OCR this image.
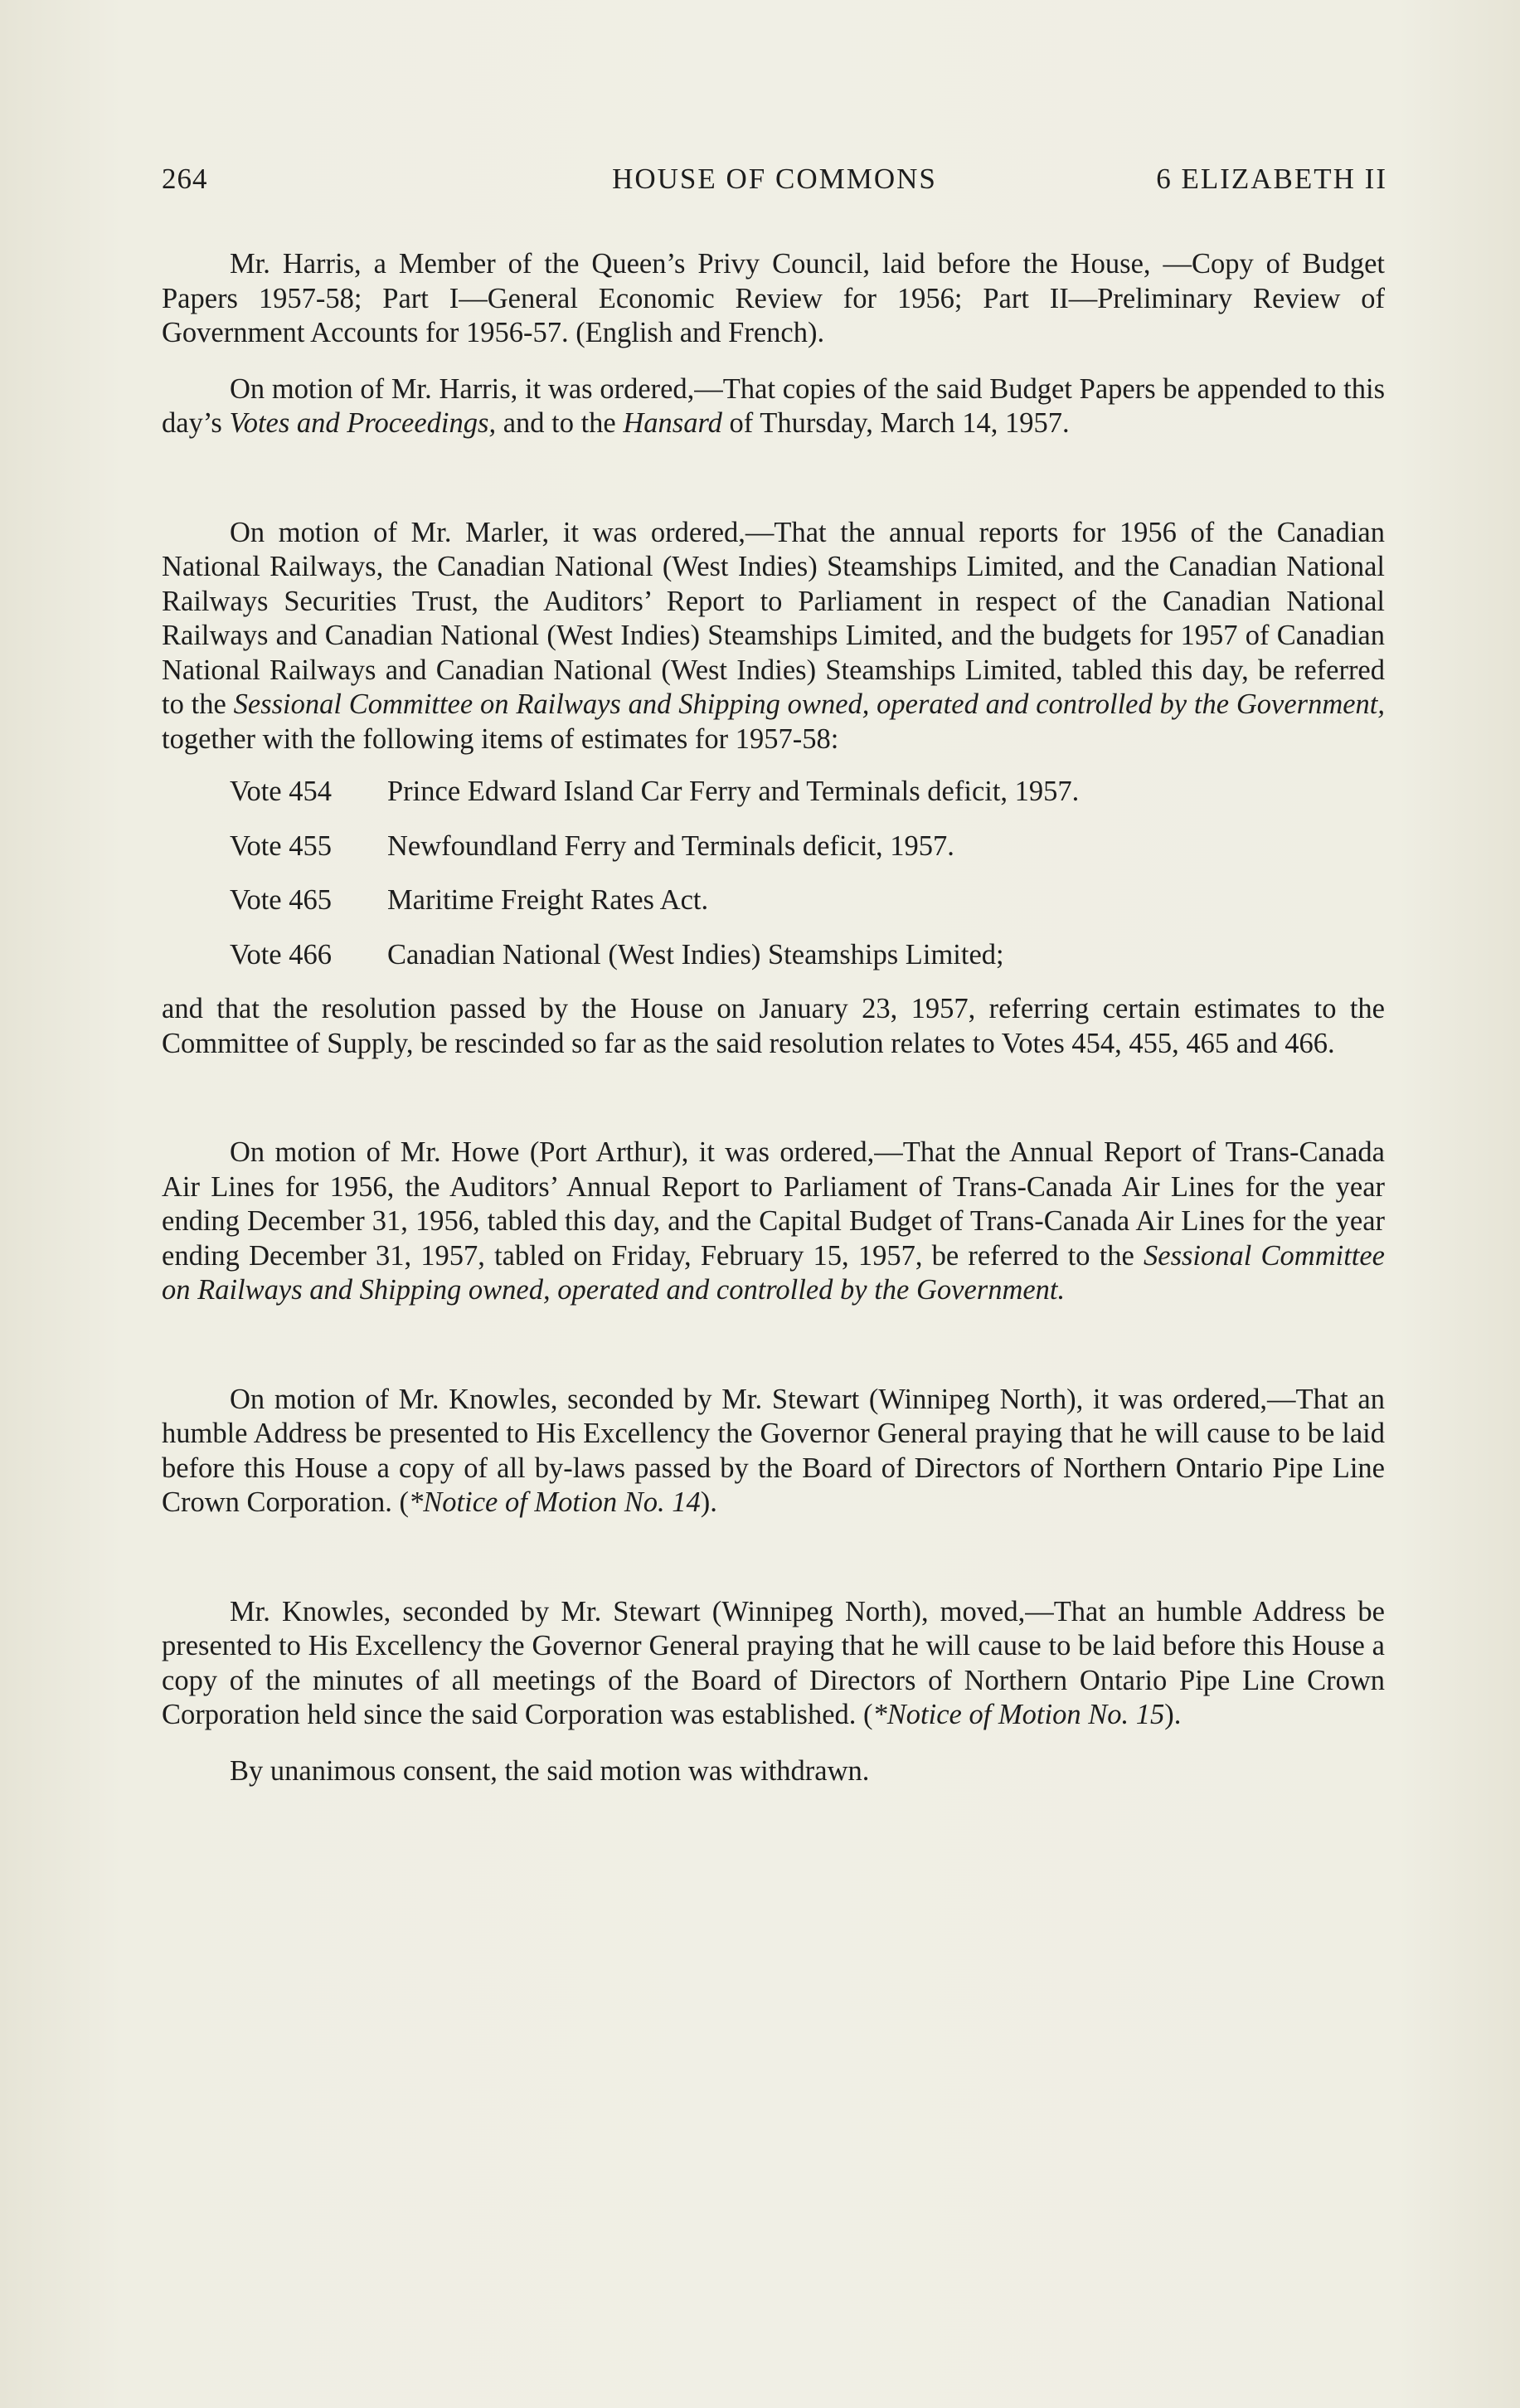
264	HOUSE OF COMMONS	6 ELIZABETH II

Mr. Harris, a Member of the Queen’s Privy Council, laid before the House, —Copy of Budget Papers 1957-58; Part I—General Economic Review for 1956; Part II—Preliminary Review of Government Accounts for 1956-57. (English and French).

On motion of Mr. Harris, it was ordered,—That copies of the said Budget Papers be appended to this day’s Votes and Proceedings, and to the Hansard of Thursday, March 14, 1957.

On motion of Mr. Marler, it was ordered,—That the annual reports for 1956 of the Canadian National Railways, the Canadian National (West Indies) Steamships Limited, and the Canadian National Railways Securities Trust, the Auditors’ Report to Parliament in respect of the Canadian National Railways and Canadian National (West Indies) Steamships Limited, and the budgets for 1957 of Canadian National Railways and Canadian National (West Indies) Steamships Limited, tabled this day, be referred to the Sessional Committee on Railways and Shipping owned, operated and controlled by the Government, together with the following items of estimates for 1957-58:

Vote 454 Prince Edward Island Car Ferry and Terminals deficit, 1957.

Vote 455 Newfoundland Ferry and Terminals deficit, 1957.

Vote 465 Maritime Freight Rates Act.

Vote 466 Canadian National (West Indies) Steamships Limited;

and that the resolution passed by the House on January 23, 1957, referring certain estimates to the Committee of Supply, be rescinded so far as the said resolution relates to Votes 454, 455, 465 and 466.

On motion of Mr. Howe (Port Arthur), it was ordered,—That the Annual Report of Trans-Canada Air Lines for 1956, the Auditors’ Annual Report to Parliament of Trans-Canada Air Lines for the year ending December 31, 1956, tabled this day, and the Capital Budget of Trans-Canada Air Lines for the year ending December 31, 1957, tabled on Friday, February 15, 1957, be referred to the Sessional Committee on Railways and Shipping owned, operated and controlled by the Government.

On motion of Mr. Knowles, seconded by Mr. Stewart (Winnipeg North), it was ordered,—That an humble Address be presented to His Excellency the Governor General praying that he will cause to be laid before this House a copy of all by-laws passed by the Board of Directors of Northern Ontario Pipe Line Crown Corporation. (*Notice of Motion No. 14).

Mr. Knowles, seconded by Mr. Stewart (Winnipeg North), moved,—That an humble Address be presented to His Excellency the Governor General praying that he will cause to be laid before this House a copy of the minutes of all meetings of the Board of Directors of Northern Ontario Pipe Line Crown Corporation held since the said Corporation was established. (*Notice of Motion No. 15).

By unanimous consent, the said motion was withdrawn.
